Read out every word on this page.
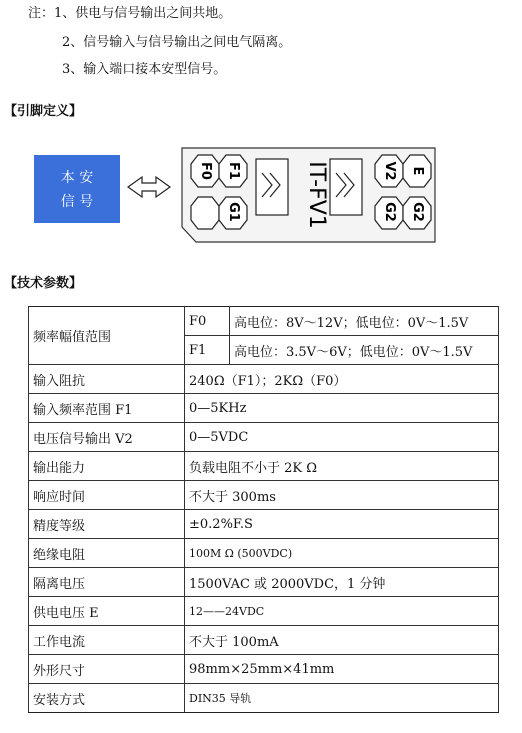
注：1、供电与信号输出之间共地。
2、信号输入与信号输出之间电气隔离。
3、输入端口接本安型信号。
【引脚定义】
本 安
信 号
F0 F1
G1	IT-FV1	V2 E
G2 G2
【技术参数】
频率幅值范围	F0	高电位：8V～12V；低电位：0V～1.5V
	F1	高电位：3.5V～6V；低电位：0V～1.5V
输入阻抗	240Ω（F1）；2KΩ（F0）	
输入频率范围 F1	0—5KHz	
电压信号输出 V2	0—5VDC	
输出能力	负载电阻不小于 2K Ω	
响应时间	不大于 300ms	
精度等级	±0.2%F.S	
绝缘电阻	100M Ω (500VDC)	
隔离电压	1500VAC 或 2000VDC，1 分钟	
供电电压 E	12——24VDC	
工作电流	不大于 100mA	
外形尺寸	98mm×25mm×41mm	
安装方式	DIN35 导轨	
